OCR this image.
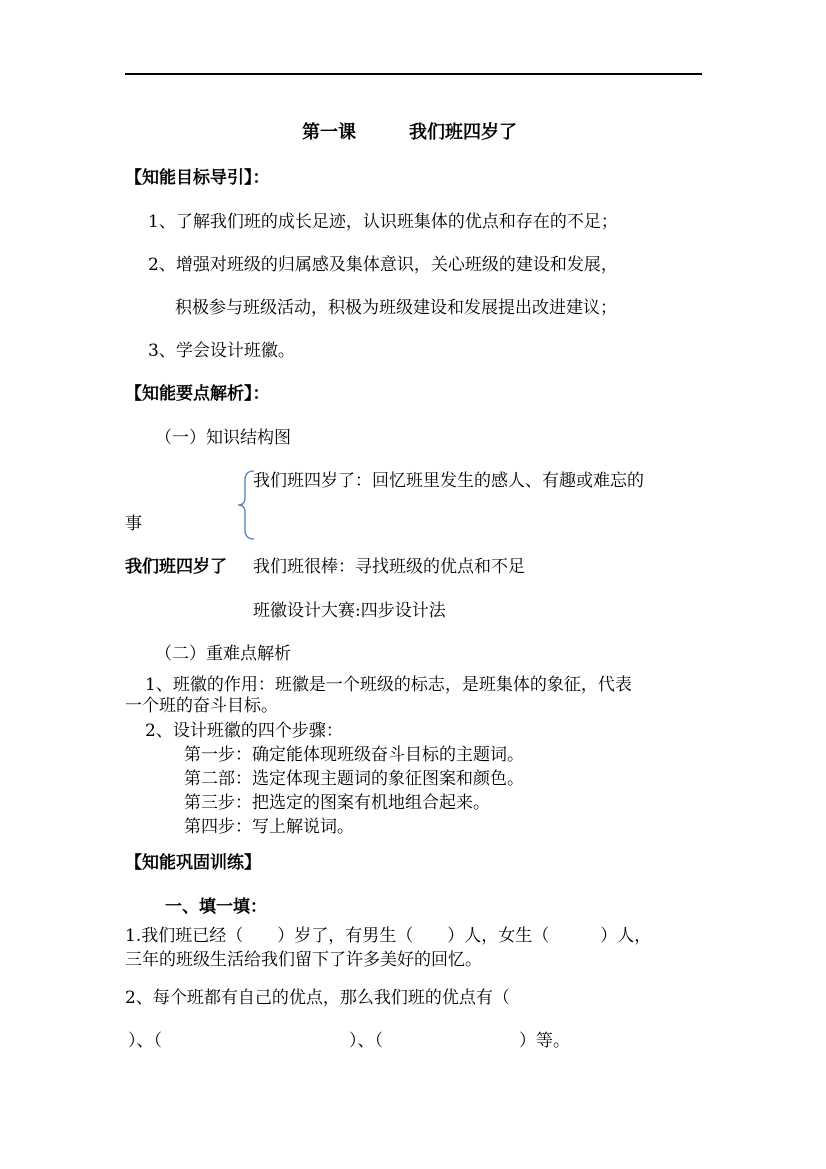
第一课	我们班四岁了
【知能目标导引】：
1、了解我们班的成长足迹，认识班集体的优点和存在的不足；
2、增强对班级的归属感及集体意识，关心班级的建设和发展，
积极参与班级活动，积极为班级建设和发展提出改进建议；
3、学会设计班徽。
【知能要点解析】：
（一）知识结构图
我们班四岁了：回忆班里发生的感人、有趣或难忘的
事
我们班四岁了 我们班很棒：寻找班级的优点和不足
班徽设计大赛:四步设计法
（二）重难点解析
1、班徽的作用：班徽是一个班级的标志，是班集体的象征，代表
一个班的奋斗目标。
2、设计班徽的四个步骤：
第一步：确定能体现班级奋斗目标的主题词。
第二部：选定体现主题词的象征图案和颜色。
第三步：把选定的图案有机地组合起来。
第四步：写上解说词。
【知能巩固训练】
一、填一填：
1.我们班已经（　　）岁了，有男生（　　）人，女生（　　　）人，
三年的班级生活给我们留下了许多美好的回忆。
2、每个班都有自己的优点，那么我们班的优点有（
）、（　　　　　　　　　　　）、（　　　　　　　　）等。
